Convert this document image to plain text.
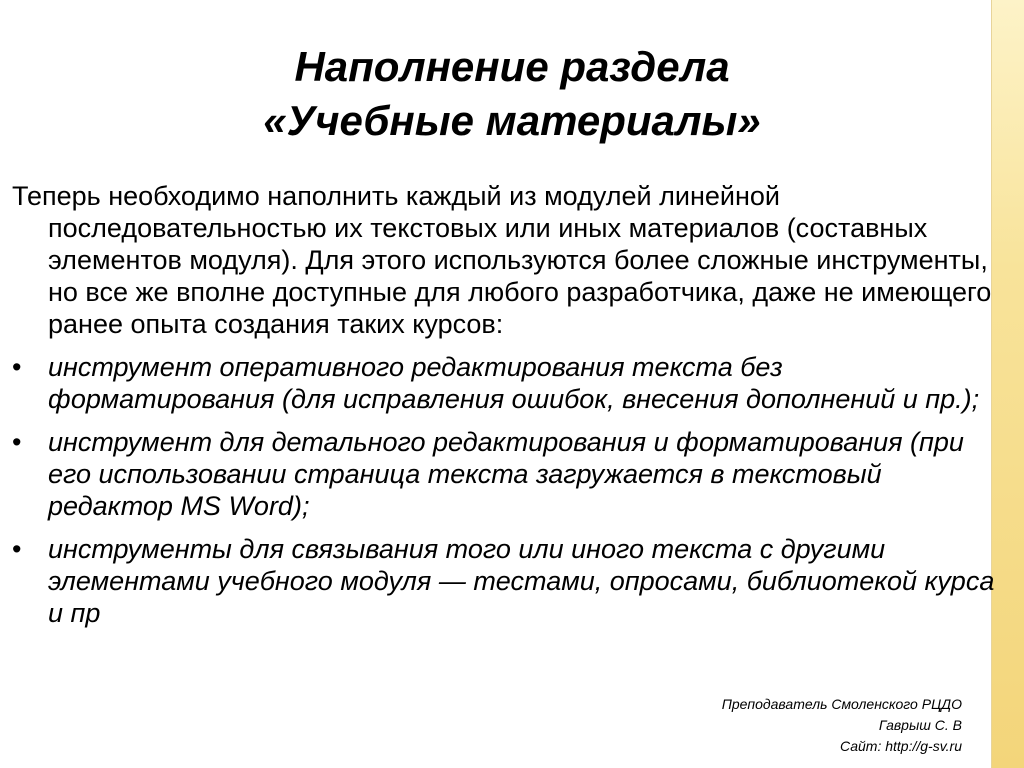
Наполнение раздела
«Учебные материалы»

Теперь необходимо наполнить каждый из модулей линейной последовательностью их текстовых или иных материалов (составных элементов модуля). Для этого используются более сложные инструменты, но все же вполне доступные для любого разработчика, даже не имеющего ранее опыта создания таких курсов:

• инструмент оперативного редактирования текста без форматирования (для исправления ошибок, внесения дополнений и пр.);
• инструмент для детального редактирования и форматирования (при его использовании страница текста загружается в текстовый редактор MS Word);
• инструменты для связывания того или иного текста с другими элементами учебного модуля — тестами, опросами, библиотекой курса и пр
Преподаватель Смоленского РЦДО
Гаврыш С. В
Сайт: http://g-sv.ru
